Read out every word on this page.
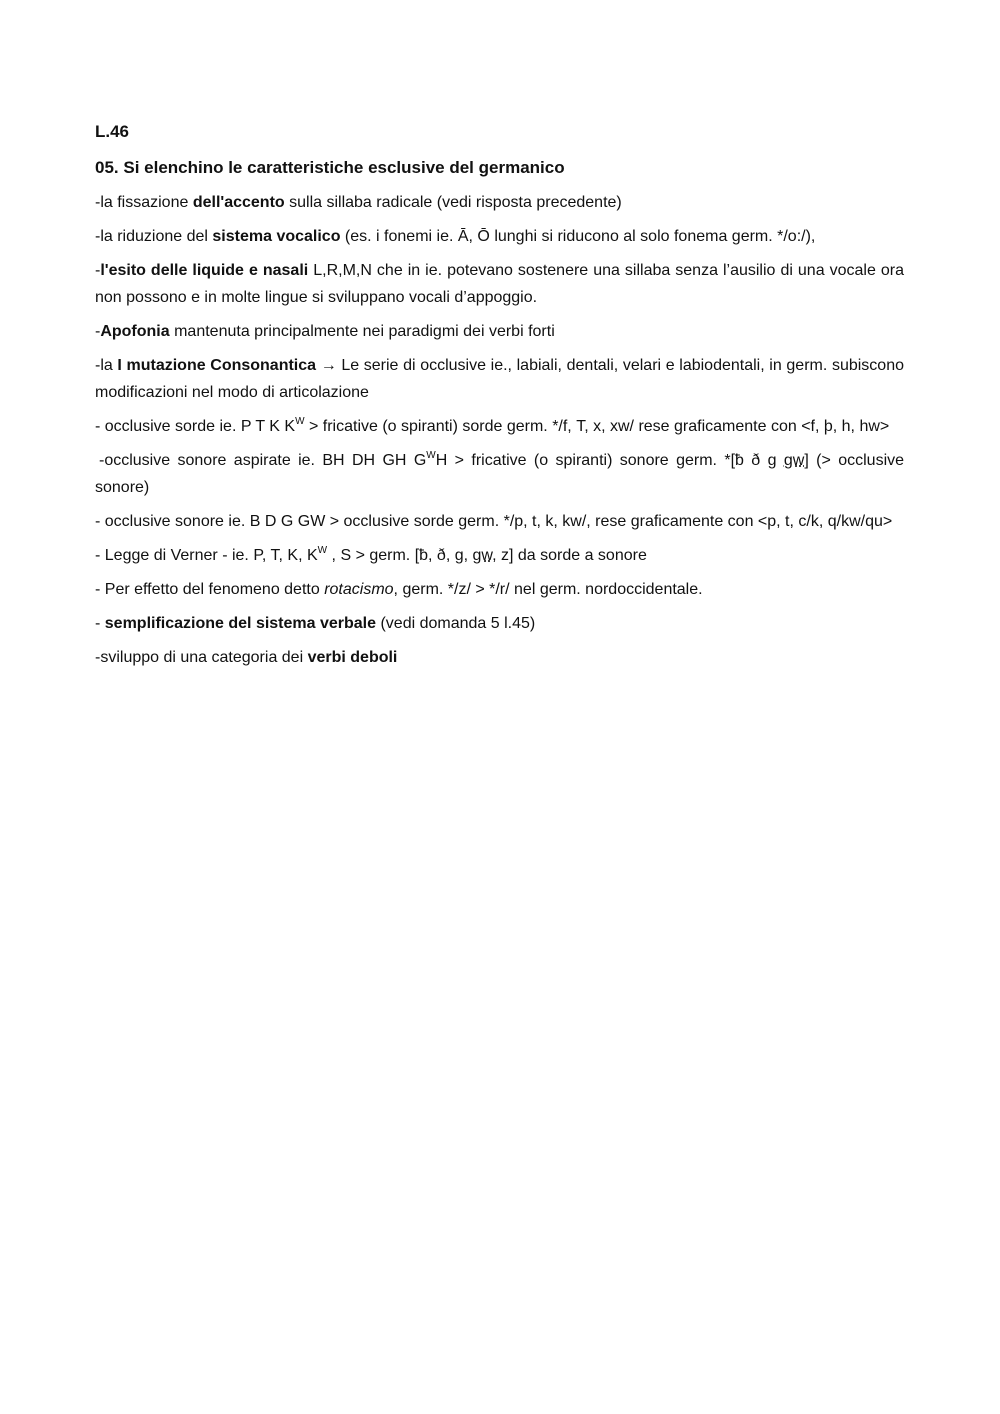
L.46
05. Si elenchino le caratteristiche esclusive del germanico

-la fissazione dell'accento sulla sillaba radicale (vedi risposta precedente)

-la riduzione del sistema vocalico (es. i fonemi ie. Ā, Ō lunghi si riducono al solo fonema germ. */o:/),

-l'esito delle liquide e nasali L,R,M,N che in ie. potevano sostenere una sillaba senza l’ausilio di una vocale ora non possono e in molte lingue si sviluppano vocali d’appoggio.

-Apofonia mantenuta principalmente nei paradigmi dei verbi forti

-la I mutazione Consonantica → Le serie di occlusive ie., labiali, dentali, velari e labiodentali, in germ. subiscono modificazioni nel modo di articolazione

- occlusive sorde ie. P T K $K^W$ > fricative (o spiranti) sorde germ. */f, Τ, x, xw/ rese graficamente con <f, þ, h, hw>

-occlusive sonore aspirate ie. BH DH GH $G^WH$ > fricative (o spiranti) sonore germ. *[ƀ ð g gw] (> occlusive sonore)

- occlusive sonore ie. B D G GW > occlusive sorde germ. */p, t, k, kw/, rese graficamente con <p, t, c/k, q/kw/qu>

- Legge di Verner - ie. P, T, K, $K^W$ , S > germ. [ƀ, ð, g, gw, z] da sorde a sonore

- Per effetto del fenomeno detto rotacismo, germ. */z/ > */r/ nel germ. nordoccidentale.

- semplificazione del sistema verbale (vedi domanda 5 l.45)

-sviluppo di una categoria dei verbi deboli
